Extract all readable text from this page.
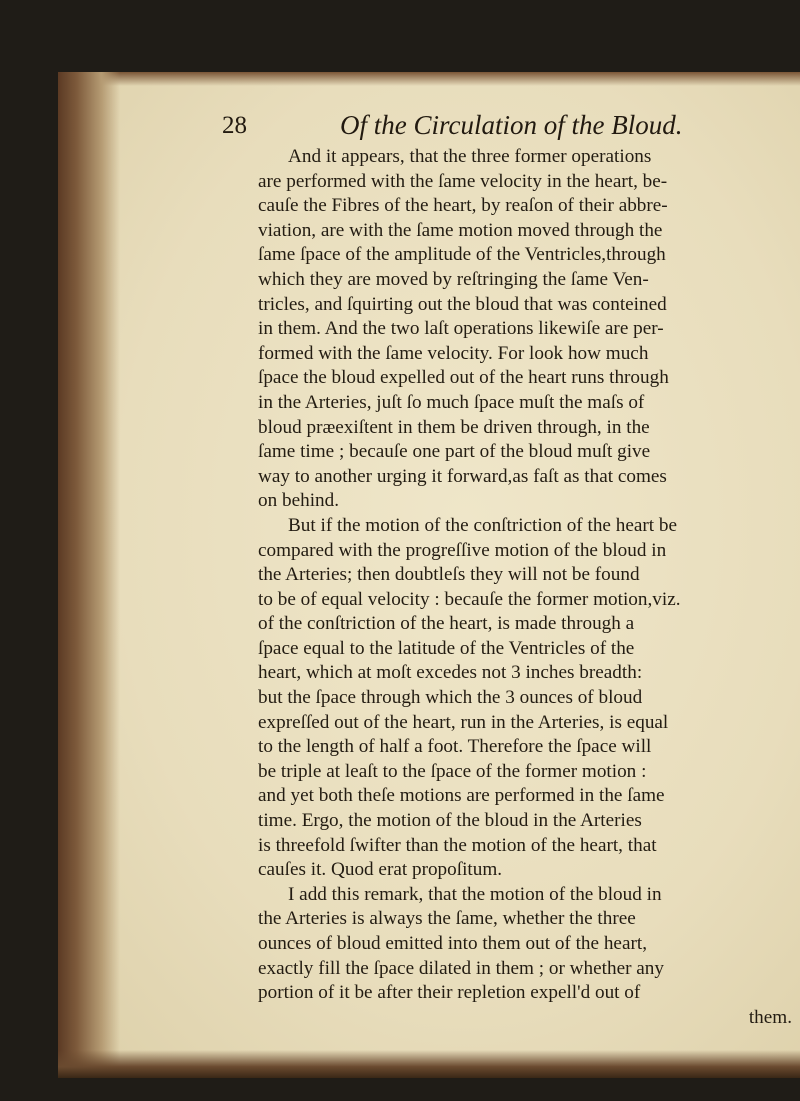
28	Of the Circulation of the Bloud.
And it appears, that the three former operations
are performed with the ſame velocity in the heart, be-
cauſe the Fibres of the heart, by reaſon of their abbre-
viation, are with the ſame motion moved through the
ſame ſpace of the amplitude of the Ventricles,through
which they are moved by reſtringing the ſame Ven-
tricles, and ſquirting out the bloud that was conteined
in them. And the two laſt operations likewiſe are per-
formed with the ſame velocity. For look how much
ſpace the bloud expelled out of the heart runs through
in the Arteries, juſt ſo much ſpace muſt the maſs of
bloud præexiſtent in them be driven through, in the
ſame time ; becauſe one part of the bloud muſt give
way to another urging it forward,as faſt as that comes
on behind.
But if the motion of the conſtriction of the heart be
compared with the progreſſive motion of the bloud in
the Arteries; then doubtleſs they will not be found
to be of equal velocity : becauſe the former motion,viz.
of the conſtriction of the heart, is made through a
ſpace equal to the latitude of the Ventricles of the
heart, which at moſt excedes not 3 inches breadth:
but the ſpace through which the 3 ounces of bloud
expreſſed out of the heart, run in the Arteries, is equal
to the length of half a foot. Therefore the ſpace will
be triple at leaſt to the ſpace of the former motion :
and yet both theſe motions are performed in the ſame
time. Ergo, the motion of the bloud in the Arteries
is threefold ſwifter than the motion of the heart, that
cauſes it. Quod erat propoſitum.
I add this remark, that the motion of the bloud in
the Arteries is always the ſame, whether the three
ounces of bloud emitted into them out of the heart,
exactly fill the ſpace dilated in them ; or whether any
portion of it be after their repletion expell'd out of
them.
